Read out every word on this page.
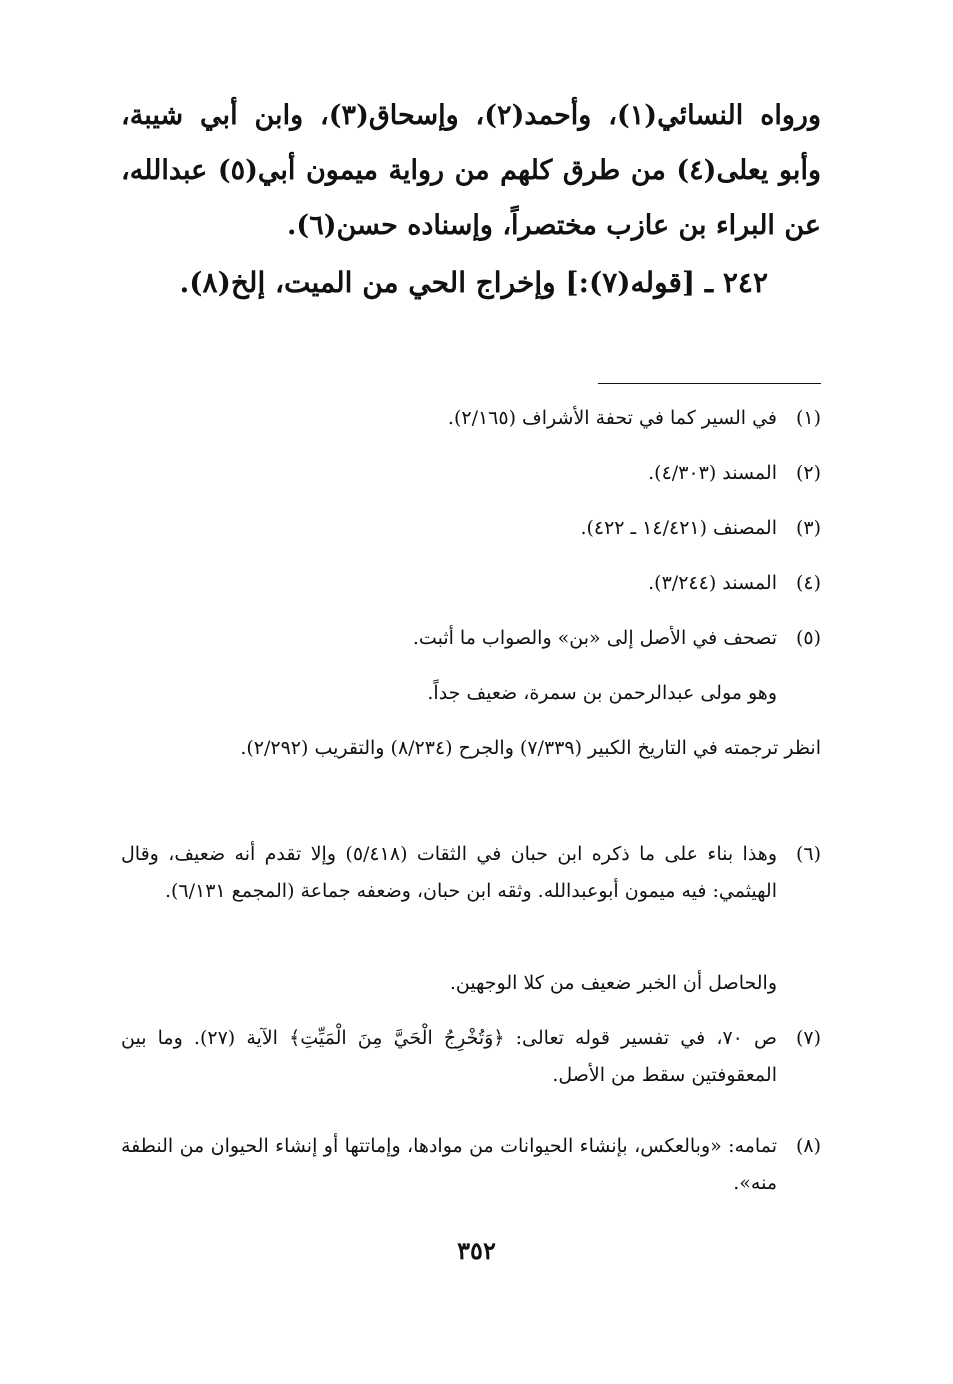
ورواه النسائي(١)، وأحمد(٢)، وإسحاق(٣)، وابن أبي شيبة، وأبو يعلى(٤) من طرق كلهم من رواية ميمون أبي(٥) عبدالله، عن البراء بن عازب مختصراً، وإسناده حسن(٦).

٢٤٢ ـ [قوله(٧):] وإخراج الحي من الميت، إلخ(٨).
(١)
في السير كما في تحفة الأشراف (٢/١٦٥).
(٢)
المسند (٤/٣٠٣).
(٣)
المصنف (١٤/٤٢١ ـ ٤٢٢).
(٤)
المسند (٣/٢٤٤).
(٥)
تصحف في الأصل إلى «بن» والصواب ما أثبت.
وهو مولى عبدالرحمن بن سمرة، ضعيف جداً.
انظر ترجمته في التاريخ الكبير (٧/٣٣٩) والجرح (٨/٢٣٤) والتقريب (٢/٢٩٢).
(٦)
وهذا بناء على ما ذكره ابن حبان في الثقات (٥/٤١٨) وإلا تقدم أنه ضعيف، وقال الهيثمي: فيه ميمون أبوعبدالله. وثقه ابن حبان، وضعفه جماعة (المجمع ٦/١٣١).
والحاصل أن الخبر ضعيف من كلا الوجهين.
(٧)
ص ٧٠، في تفسير قوله تعالى: ﴿وَتُخْرِجُ الْحَيَّ مِنَ الْمَيِّتِ﴾ الآية (٢٧). وما بين المعقوفتين سقط من الأصل.
(٨)
تمامه: «وبالعكس، بإنشاء الحيوانات من موادها، وإماتتها أو إنشاء الحيوان من النطفة منه».
٣٥٢
